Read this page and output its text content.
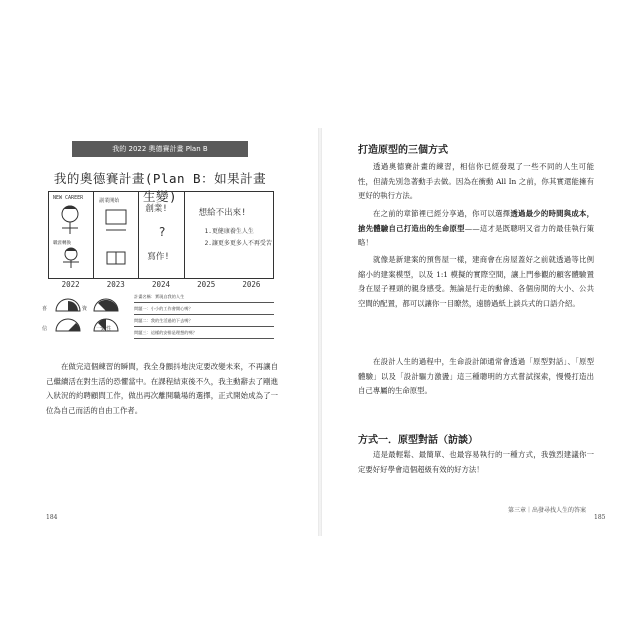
我的 2022 奧德賽計畫 Plan B
我的奧德賽計畫(Plan B：如果計畫生變)
NEW CAREER
職涯轉換
副業開始
創業!
?
寫作!
想給不出來!
1.更健康養生人生
2.讓更多更多人不再受苦
2022	2023	2024	2025	2026
喜	資
信	一致性
計畫名稱：實現自我的人生
問題一：小小的工作會開心嗎？
問題二：我的生活過的下去嗎？
問題三：這樣的安排是理想的嗎？

在做完這個練習的瞬間，我全身顫抖地決定要改變未來，不再讓自己繼續活在對生活的恐懼當中。在課程結束後不久，我主動辭去了剛進入狀況的約聘顧問工作，做出再次離開職場的選擇，正式開始成為了一位為自己而活的自由工作者。

184
打造原型的三個方式

透過奧德賽計畫的練習，相信你已經發現了一些不同的人生可能性，但請先別急著動手去做。因為在衝動 All In 之前，你其實還能擁有更好的執行方法。

在之前的章節裡已經分享過，你可以選擇透過最少的時間與成本，搶先體驗自己打造出的生命原型——這才是既聰明又省力的最佳執行策略！

就像是新建案的預售屋一樣，建商會在房屋蓋好之前就透過等比例縮小的建案模型，以及 1:1 模擬的實際空間，讓上門參觀的顧客體驗置身在屋子裡頭的親身感受。無論是行走的動線、各個房間的大小、公共空間的配置，都可以讓你一目瞭然，遠勝過紙上談兵式的口語介紹。

在設計人生的過程中，生命設計師通常會透過「原型對話」、「原型體驗」以及「設計驅力激盪」這三種聰明的方式嘗試探索，慢慢打造出自己專屬的生命原型。

方式一．原型對話（訪談）

這是最輕鬆、最簡單、也最容易執行的一種方式，我強烈建議你一定要好好學會這個超級有效的好方法！

第三章｜出發尋找人生的答案
185
